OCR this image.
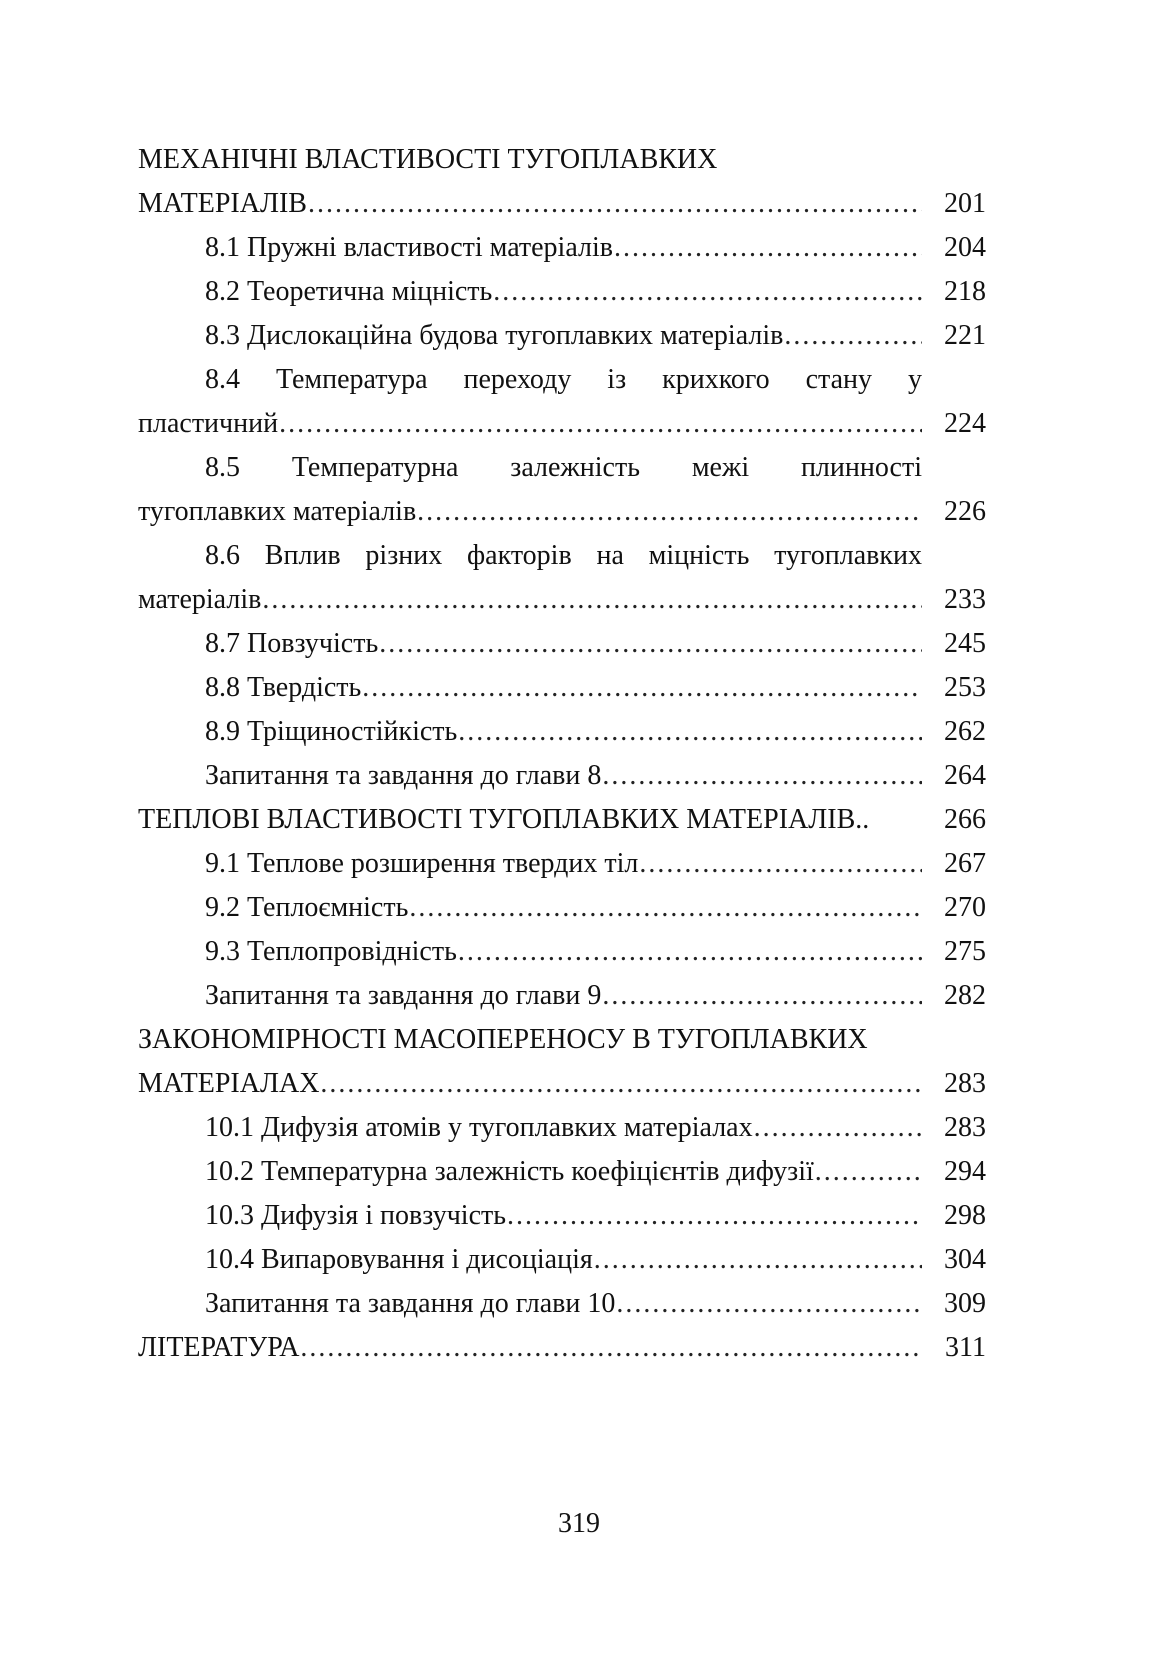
МЕХАНІЧНІ ВЛАСТИВОСТІ ТУГОПЛАВКИХ
МАТЕРІАЛІВ .....	201
8.1 Пружні властивості матеріалів .....	204
8.2 Теоретична міцність .....	218
8.3 Дислокаційна будова тугоплавких матеріалів .....	221
8.4 Температура переходу із крихкого стану у
пластичний .....	224
8.5 Температурна залежність межі плинності
тугоплавких матеріалів .....	226
8.6 Вплив різних факторів на міцність тугоплавких
матеріалів .....	233
8.7 Повзучість .....	245
8.8 Твердість .....	253
8.9 Тріщиностійкість .....	262
Запитання та завдання до глави 8 .....	264
ТЕПЛОВІ ВЛАСТИВОСТІ ТУГОПЛАВКИХ МАТЕРІАЛІВ..	266
9.1 Теплове розширення твердих тіл .....	267
9.2 Теплоємність .....	270
9.3 Теплопровідність .....	275
Запитання та завдання до глави 9 .....	282
ЗАКОНОМІРНОСТІ МАСОПЕРЕНОСУ В ТУГОПЛАВКИХ
МАТЕРІАЛАХ .....	283
10.1 Дифузія атомів у тугоплавких матеріалах .....	283
10.2 Температурна залежність коефіцієнтів дифузії .....	294
10.3 Дифузія і повзучість .....	298
10.4 Випаровування і дисоціація .....	304
Запитання та завдання до глави 10 .....	309
ЛІТЕРАТУРА .....	311
319
